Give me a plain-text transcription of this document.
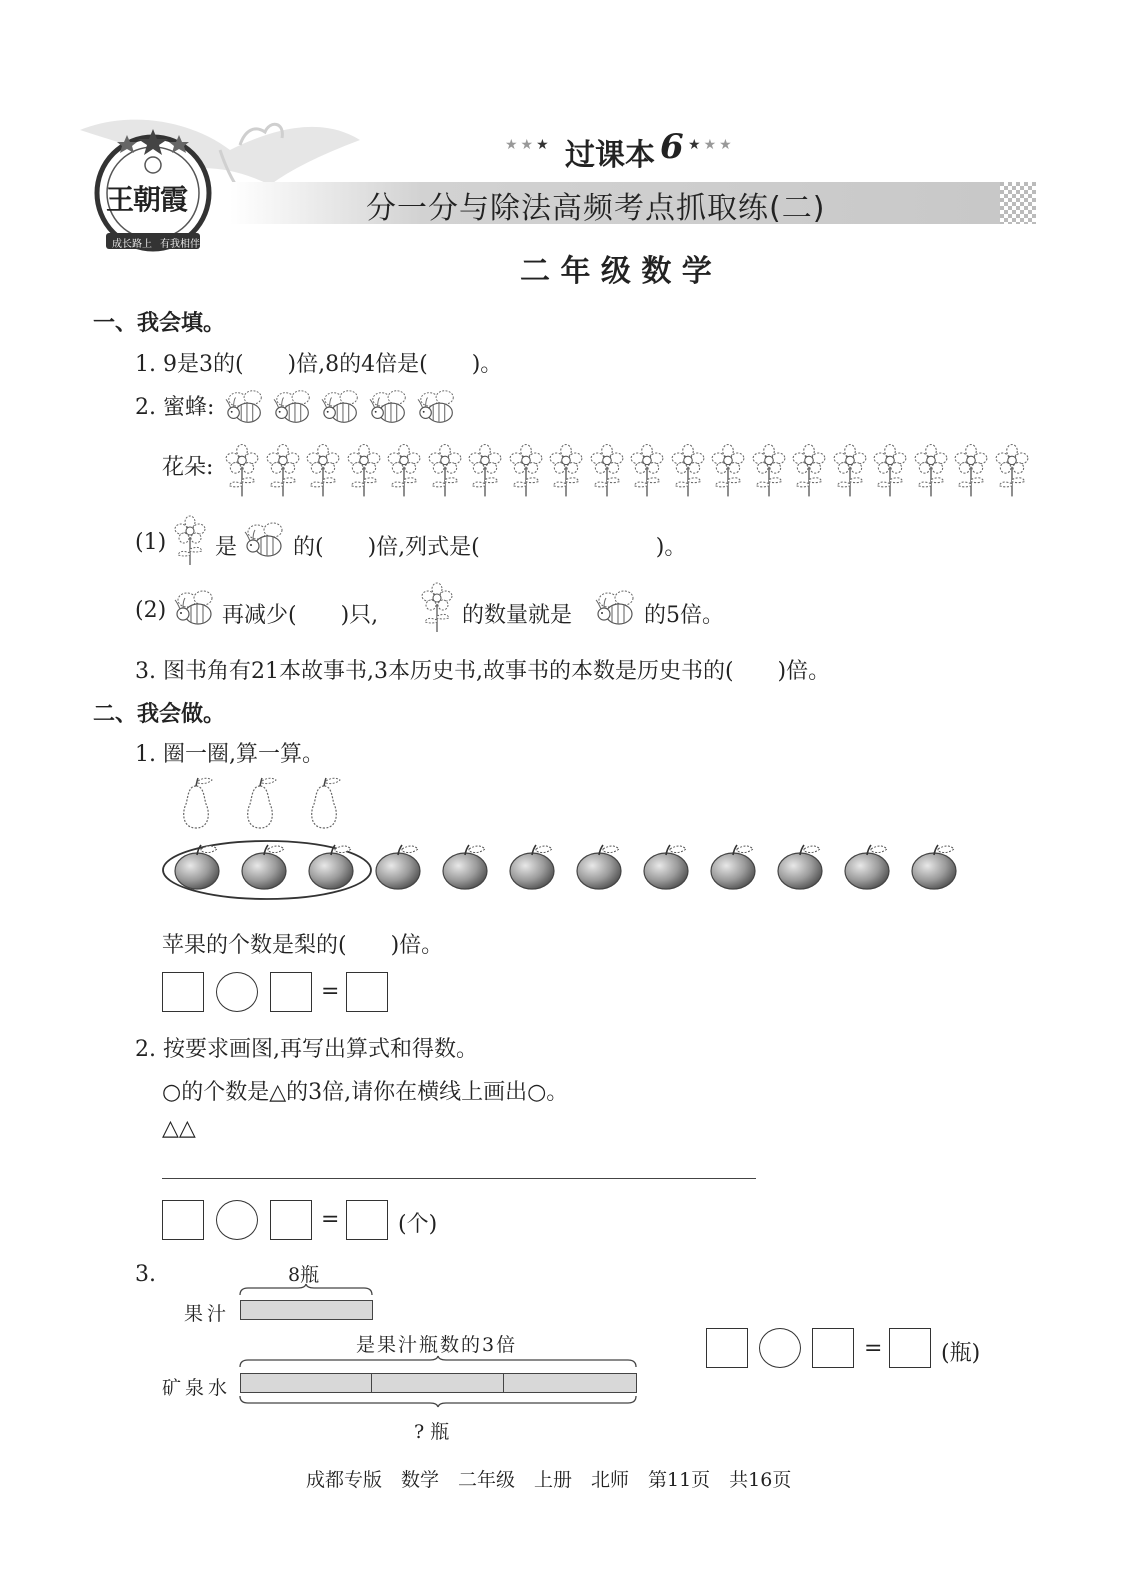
王朝霞
成长路上 有我相伴
★★★ 过课本 6 ★★★
分一分与除法高频考点抓取练(二)
二 年 级 数 学
一、我会填。
1. 9是3的(　　)倍,8的4倍是(　　)。
2. 蜜蜂:
花朵:
(1) 是	的(　　)倍,列式是(　　　　　　　　)。
(2)	再减少(　　)只,	的数量就是	的5倍。
3. 图书角有21本故事书,3本历史书,故事书的本数是历史书的(　　)倍。
二、我会做。
1. 圈一圈,算一算。
苹果的个数是梨的(　　)倍。
=
2. 按要求画图,再写出算式和得数。
○的个数是△的3倍,请你在横线上画出○。
△△
=	(个)
3.	8瓶
果汁
是果汁瓶数的3倍
矿泉水
? 瓶
=	(瓶)
成都专版　数学　二年级　上册　北师　第11页　共16页
